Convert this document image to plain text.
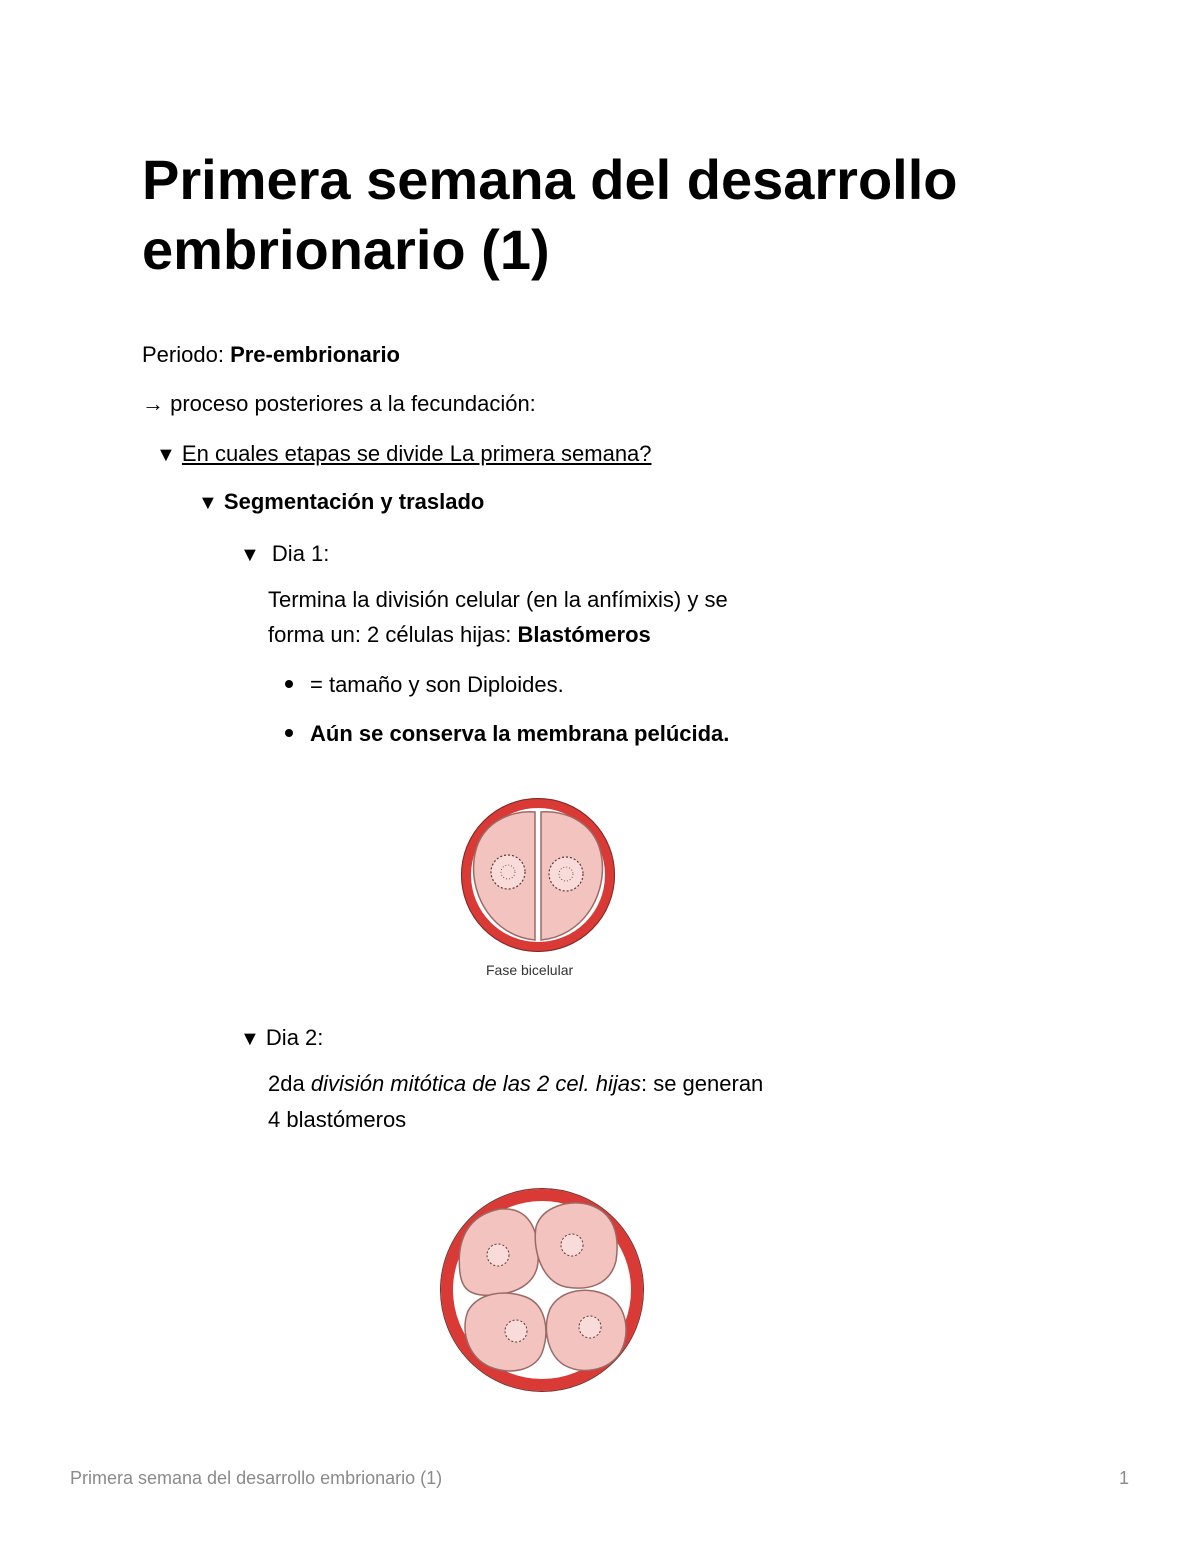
Primera semana del desarrollo
embrionario (1)
Periodo: Pre-embrionario
→ proceso posteriores a la fecundación:
▼ En cuales etapas se divide La primera semana?
▼ Segmentación y traslado
▼ Dia 1:
Termina la división celular (en la anfímixis) y se
forma un: 2 células hijas: Blastómeros
= tamaño y son Diploides.
Aún se conserva la membrana pelúcida.
Fase bicelular
▼ Dia 2:
2da división mitótica de las 2 cel. hijas: se generan
4 blastómeros
Primera semana del desarrollo embrionario (1)	1
